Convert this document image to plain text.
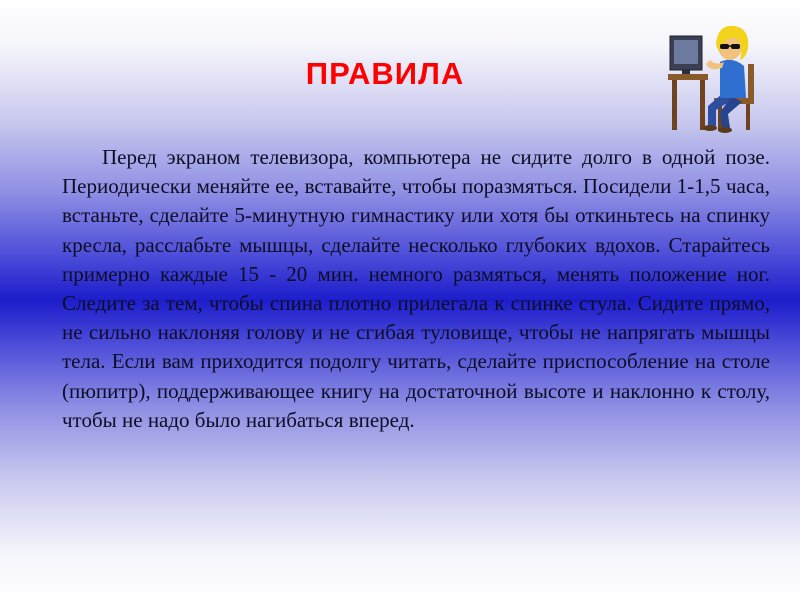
ПРАВИЛА

Перед экраном телевизора, компьютера не сидите долго в одной позе. Периодически меняйте ее, вставайте, чтобы поразмяться. Посидели 1-1,5 часа, встаньте, сделайте 5-минутную гимнастику или хотя бы откиньтесь на спинку кресла, расслабьте мышцы, сделайте несколько глубоких вдохов. Старайтесь примерно каждые 15 - 20 мин. немного размяться, менять положение ног. Следите за тем, чтобы спина плотно прилегала к спинке стула. Сидите прямо, не сильно наклоняя голову и не сгибая туловище, чтобы не напрягать мышцы тела. Если вам приходится подолгу читать, сделайте приспособление на столе (пюпитр), поддерживающее книгу на достаточной высоте и наклонно к столу, чтобы не надо было нагибаться вперед.
